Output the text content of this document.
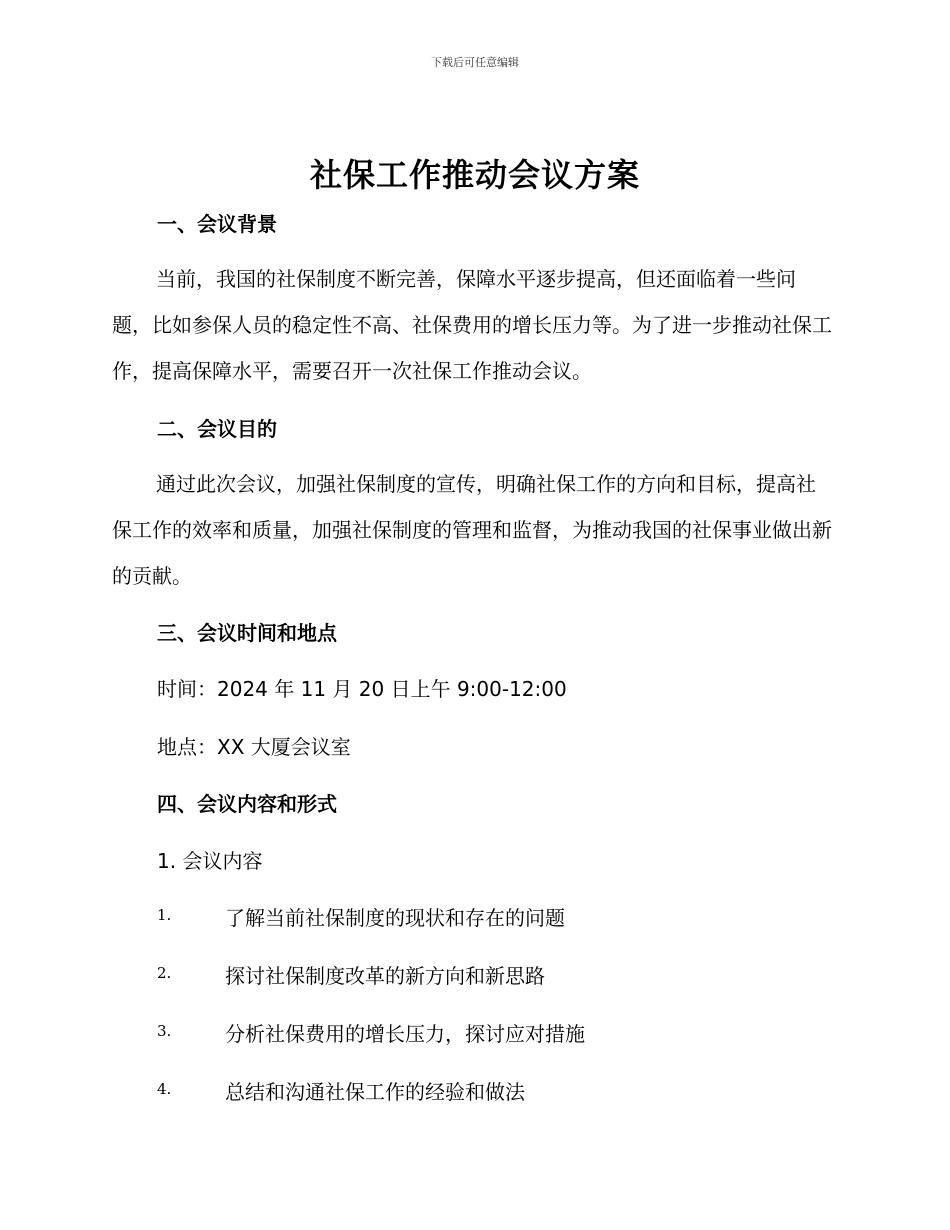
下载后可任意编辑
社保工作推动会议方案
一、会议背景
当前，我国的社保制度不断完善，保障水平逐步提高，但还面临着一些问题，比如参保人员的稳定性不高、社保费用的增长压力等。为了进一步推动社保工作，提高保障水平，需要召开一次社保工作推动会议。
二、会议目的
通过此次会议，加强社保制度的宣传，明确社保工作的方向和目标，提高社保工作的效率和质量，加强社保制度的管理和监督，为推动我国的社保事业做出新的贡献。
三、会议时间和地点
时间：2024 年 11 月 20 日上午 9:00-12:00
地点：XX 大厦会议室
四、会议内容和形式
1. 会议内容
1.	了解当前社保制度的现状和存在的问题
2.	探讨社保制度改革的新方向和新思路
3.	分析社保费用的增长压力，探讨应对措施
4.	总结和沟通社保工作的经验和做法
